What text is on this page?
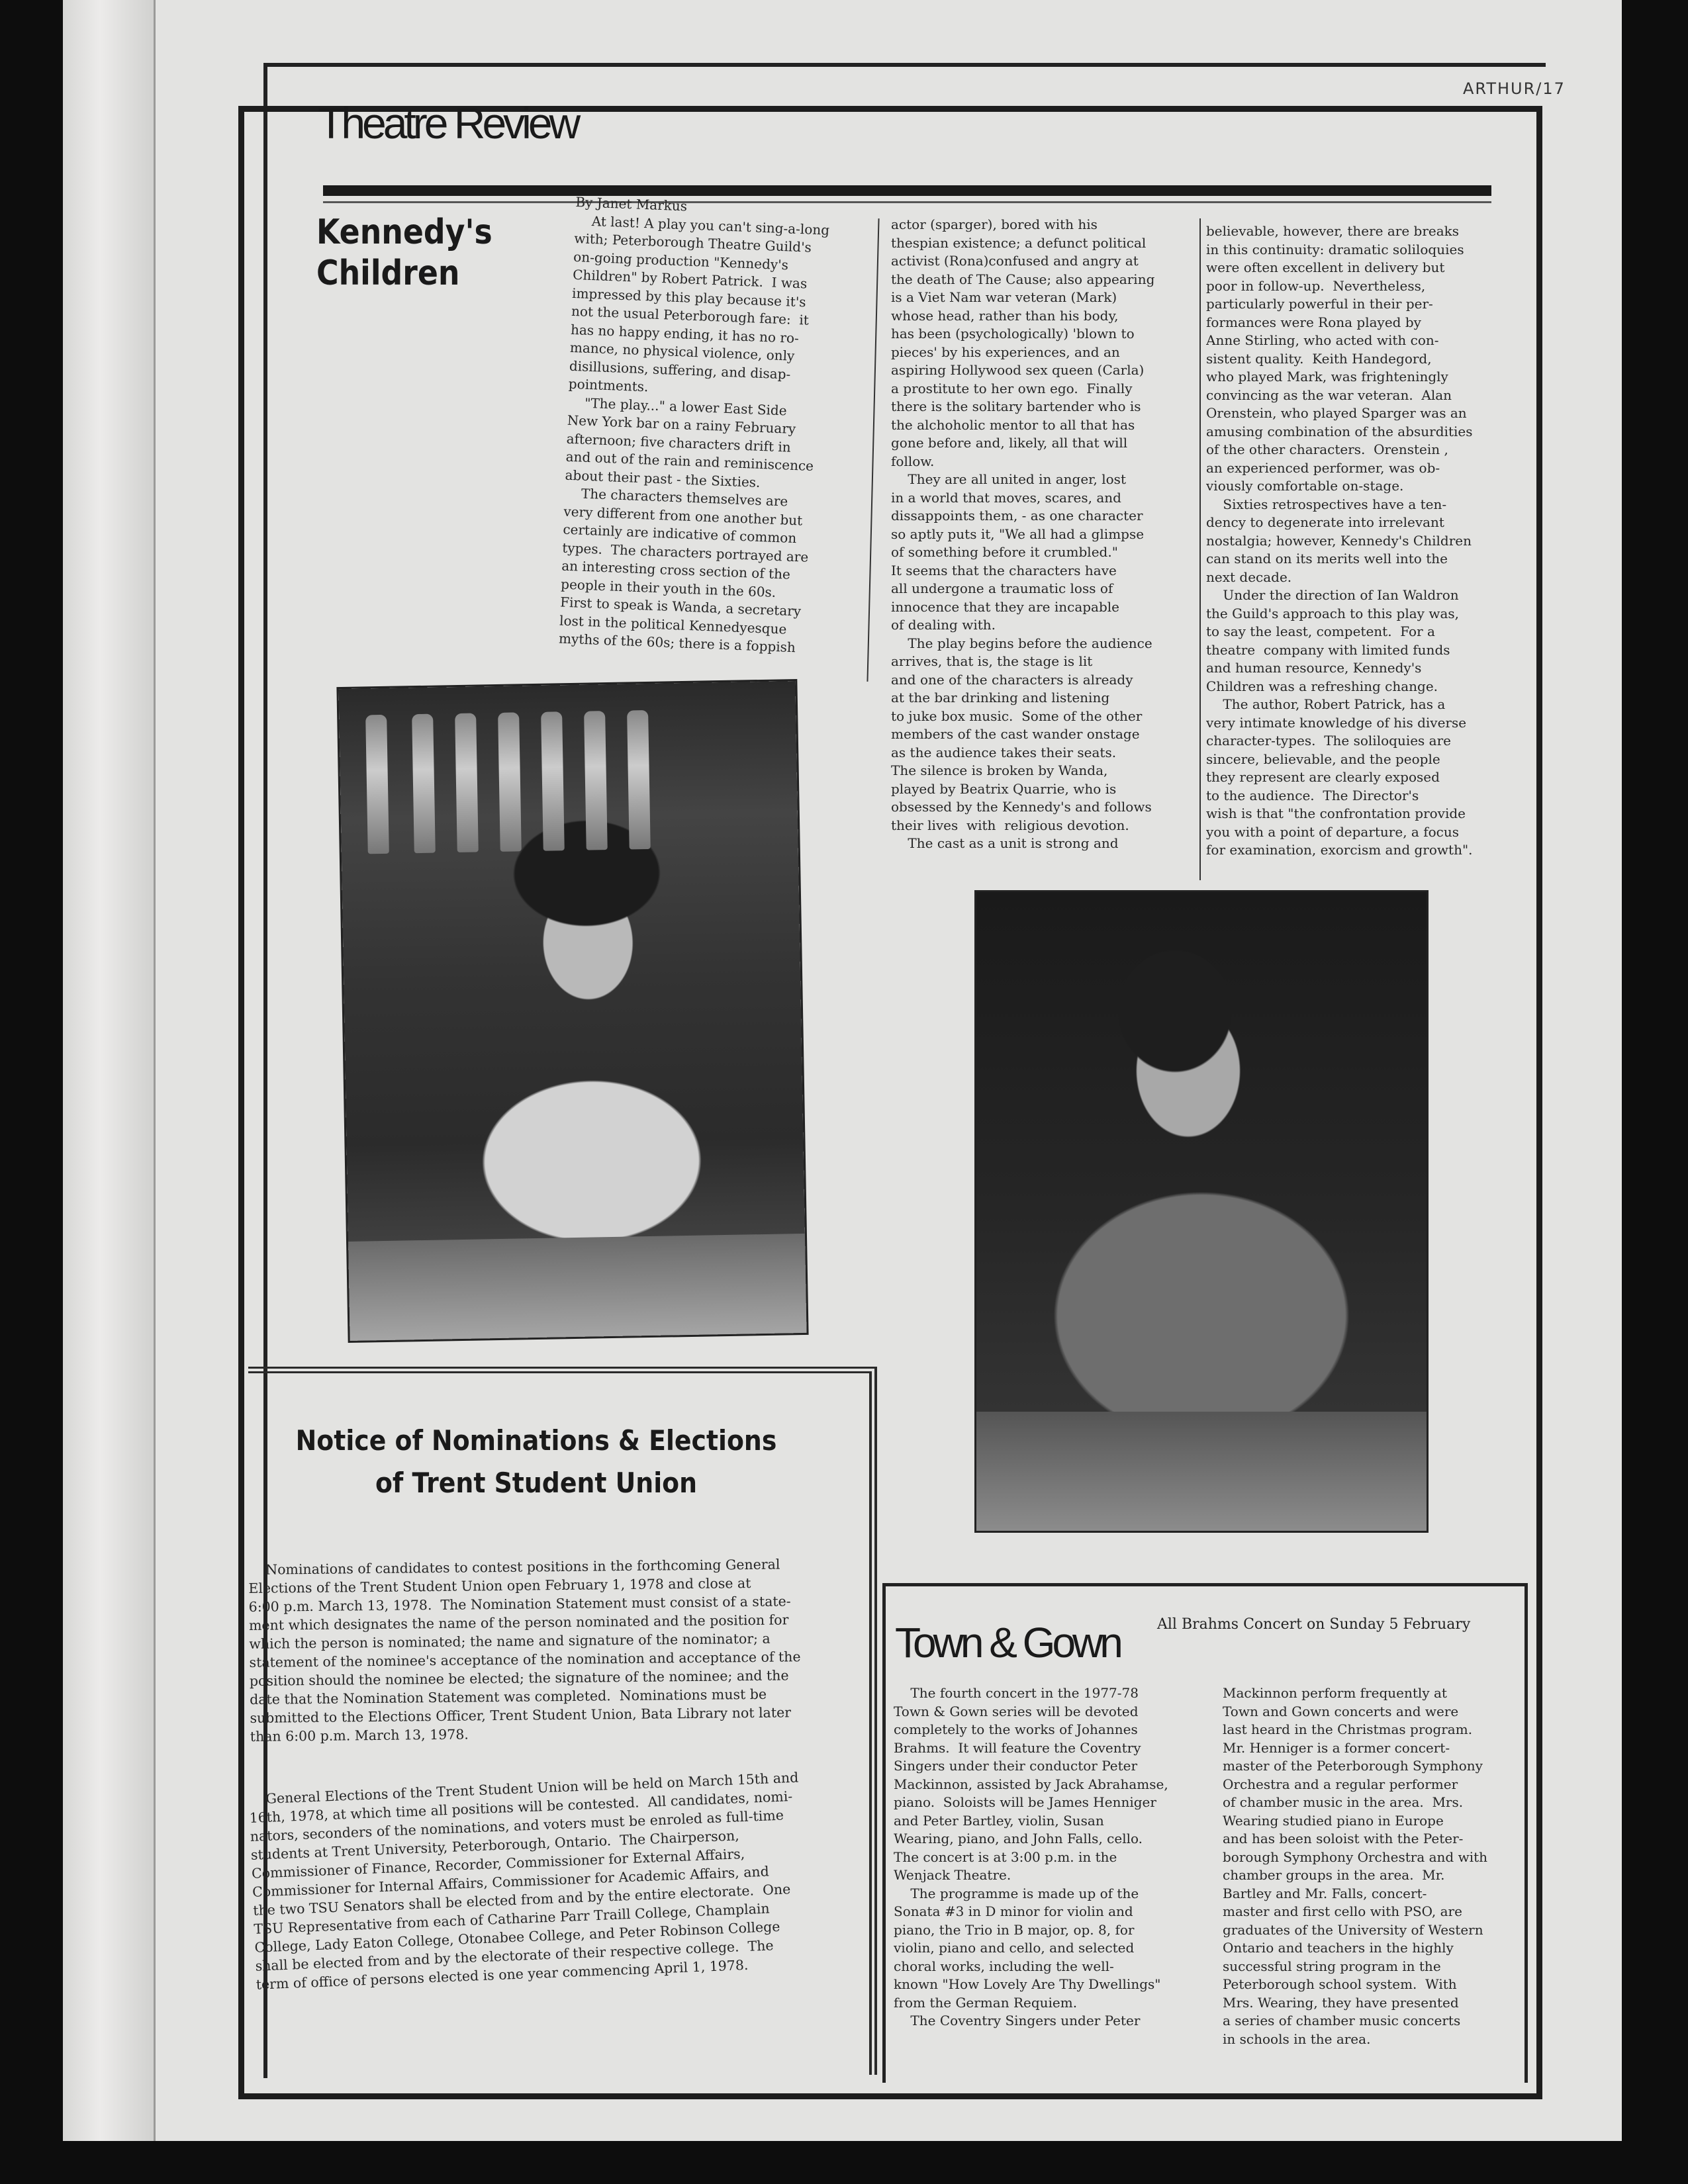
ARTHUR/17
Theatre Review
Kennedy's
Children
By Janet Markus
At last! A play you can't sing-a-long
with; Peterborough Theatre Guild's
on-going production "Kennedy's
Children" by Robert Patrick.  I was
impressed by this play because it's
not the usual Peterborough fare:  it
has no happy ending, it has no ro-
mance, no physical violence, only
disillusions, suffering, and disap-
pointments.
"The play..." a lower East Side
New York bar on a rainy February
afternoon; five characters drift in
and out of the rain and reminiscence
about their past - the Sixties.
The characters themselves are
very different from one another but
certainly are indicative of common
types.  The characters portrayed are
an interesting cross section of the
people in their youth in the 60s.
First to speak is Wanda, a secretary
lost in the political Kennedyesque
myths of the 60s; there is a foppish
actor (sparger), bored with his
thespian existence; a defunct political
activist (Rona)confused and angry at
the death of The Cause; also appearing
is a Viet Nam war veteran (Mark)
whose head, rather than his body,
has been (psychologically) 'blown to
pieces' by his experiences, and an
aspiring Hollywood sex queen (Carla)
a prostitute to her own ego.  Finally
there is the solitary bartender who is
the alchoholic mentor to all that has
gone before and, likely, all that will
follow.
They are all united in anger, lost
in a world that moves, scares, and
dissappoints them, - as one character
so aptly puts it, "We all had a glimpse
of something before it crumbled."
It seems that the characters have
all undergone a traumatic loss of
innocence that they are incapable
of dealing with.
The play begins before the audience
arrives, that is, the stage is lit
and one of the characters is already
at the bar drinking and listening
to juke box music.  Some of the other
members of the cast wander onstage
as the audience takes their seats.
The silence is broken by Wanda,
played by Beatrix Quarrie, who is
obsessed by the Kennedy's and follows
their lives  with  religious devotion.
The cast as a unit is strong and
believable, however, there are breaks
in this continuity: dramatic soliloquies
were often excellent in delivery but
poor in follow-up.  Nevertheless,
particularly powerful in their per-
formances were Rona played by
Anne Stirling, who acted with con-
sistent quality.  Keith Handegord,
who played Mark, was frighteningly
convincing as the war veteran.  Alan
Orenstein, who played Sparger was an
amusing combination of the absurdities
of the other characters.  Orenstein ,
an experienced performer, was ob-
viously comfortable on-stage.
Sixties retrospectives have a ten-
dency to degenerate into irrelevant
nostalgia; however, Kennedy's Children
can stand on its merits well into the
next decade.
Under the direction of Ian Waldron
the Guild's approach to this play was,
to say the least, competent.  For a
theatre  company with limited funds
and human resource, Kennedy's
Children was a refreshing change.
The author, Robert Patrick, has a
very intimate knowledge of his diverse
character-types.  The soliloquies are
sincere, believable, and the people
they represent are clearly exposed
to the audience.  The Director's
wish is that "the confrontation provide
you with a point of departure, a focus
for examination, exorcism and growth".
Notice of Nominations & Elections
of Trent Student Union
Nominations of candidates to contest positions in the forthcoming General
Elections of the Trent Student Union open February 1, 1978 and close at
6:00 p.m. March 13, 1978.  The Nomination Statement must consist of a state-
ment which designates the name of the person nominated and the position for
which the person is nominated; the name and signature of the nominator; a
statement of the nominee's acceptance of the nomination and acceptance of the
position should the nominee be elected; the signature of the nominee; and the
date that the Nomination Statement was completed.  Nominations must be
submitted to the Elections Officer, Trent Student Union, Bata Library not later
than 6:00 p.m. March 13, 1978.
General Elections of the Trent Student Union will be held on March 15th and
16th, 1978, at which time all positions will be contested.  All candidates, nomi-
nators, seconders of the nominations, and voters must be enroled as full-time
students at Trent University, Peterborough, Ontario.  The Chairperson,
Commissioner of Finance, Recorder, Commissioner for External Affairs,
Commissioner for Internal Affairs, Commissioner for Academic Affairs, and
the two TSU Senators shall be elected from and by the entire electorate.  One
TSU Representative from each of Catharine Parr Traill College, Champlain
College, Lady Eaton College, Otonabee College, and Peter Robinson College
shall be elected from and by the electorate of their respective college.  The
term of office of persons elected is one year commencing April 1, 1978.
Town & Gown	All Brahms Concert on Sunday 5 February
The fourth concert in the 1977-78
Town & Gown series will be devoted
completely to the works of Johannes
Brahms.  It will feature the Coventry
Singers under their conductor Peter
Mackinnon, assisted by Jack Abrahamse,
piano.  Soloists will be James Henniger
and Peter Bartley, violin, Susan
Wearing, piano, and John Falls, cello.
The concert is at 3:00 p.m. in the
Wenjack Theatre.
The programme is made up of the
Sonata #3 in D minor for violin and
piano, the Trio in B major, op. 8, for
violin, piano and cello, and selected
choral works, including the well-
known "How Lovely Are Thy Dwellings"
from the German Requiem.
The Coventry Singers under Peter
Mackinnon perform frequently at
Town and Gown concerts and were
last heard in the Christmas program.
Mr. Henniger is a former concert-
master of the Peterborough Symphony
Orchestra and a regular performer
of chamber music in the area.  Mrs.
Wearing studied piano in Europe
and has been soloist with the Peter-
borough Symphony Orchestra and with
chamber groups in the area.  Mr.
Bartley and Mr. Falls, concert-
master and first cello with PSO, are
graduates of the University of Western
Ontario and teachers in the highly
successful string program in the
Peterborough school system.  With
Mrs. Wearing, they have presented
a series of chamber music concerts
in schools in the area.
